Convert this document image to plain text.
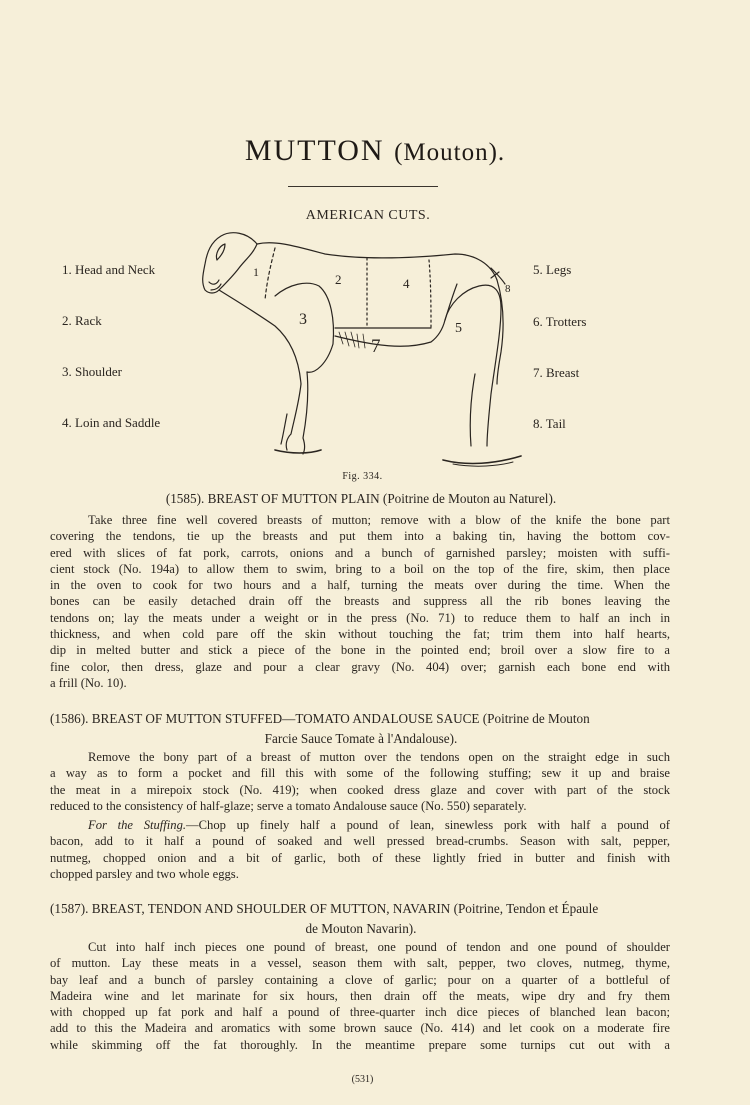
MUTTON (Mouton).
AMERICAN CUTS.
1. Head and Neck
2. Rack
3. Shoulder
4. Loin and Saddle
5. Legs
6. Trotters
7. Breast
8. Tail
1	2
3
4
5
7
8
Fig. 334.
(1585). BREAST OF MUTTON PLAIN (Poitrine de Mouton au Naturel).
Take three fine well covered breasts of mutton; remove with a blow of the knife the bone part
covering the tendons, tie up the breasts and put them into a baking tin, having the bottom cov-
ered with slices of fat pork, carrots, onions and a bunch of garnished parsley; moisten with suffi-
cient stock (No. 194a) to allow them to swim, bring to a boil on the top of the fire, skim, then place
in the oven to cook for two hours and a half, turning the meats over during the time. When the
bones can be easily detached drain off the breasts and suppress all the rib bones leaving the
tendons on; lay the meats under a weight or in the press (No. 71) to reduce them to half an inch in
thickness, and when cold pare off the skin without touching the fat; trim them into half hearts,
dip in melted butter and stick a piece of the bone in the pointed end; broil over a slow fire to a
fine color, then dress, glaze and pour a clear gravy (No. 404) over; garnish each bone end with
a frill (No. 10).
(1586). BREAST OF MUTTON STUFFED—TOMATO ANDALOUSE SAUCE (Poitrine de Mouton
Farcie Sauce Tomate à l'Andalouse).
Remove the bony part of a breast of mutton over the tendons open on the straight edge in such
a way as to form a pocket and fill this with some of the following stuffing; sew it up and braise
the meat in a mirepoix stock (No. 419); when cooked dress glaze and cover with part of the stock
reduced to the consistency of half-glaze; serve a tomato Andalouse sauce (No. 550) separately.
For the Stuffing.—Chop up finely half a pound of lean, sinewless pork with half a pound of
bacon, add to it half a pound of soaked and well pressed bread-crumbs. Season with salt, pepper,
nutmeg, chopped onion and a bit of garlic, both of these lightly fried in butter and finish with
chopped parsley and two whole eggs.
(1587). BREAST, TENDON AND SHOULDER OF MUTTON, NAVARIN (Poitrine, Tendon et Épaule
de Mouton Navarin).
Cut into half inch pieces one pound of breast, one pound of tendon and one pound of shoulder
of mutton. Lay these meats in a vessel, season them with salt, pepper, two cloves, nutmeg, thyme,
bay leaf and a bunch of parsley containing a clove of garlic; pour on a quarter of a bottleful of
Madeira wine and let marinate for six hours, then drain off the meats, wipe dry and fry them
with chopped up fat pork and half a pound of three-quarter inch dice pieces of blanched lean bacon;
add to this the Madeira and aromatics with some brown sauce (No. 414) and let cook on a moderate fire
while skimming off the fat thoroughly. In the meantime prepare some turnips cut out with a
(531)
